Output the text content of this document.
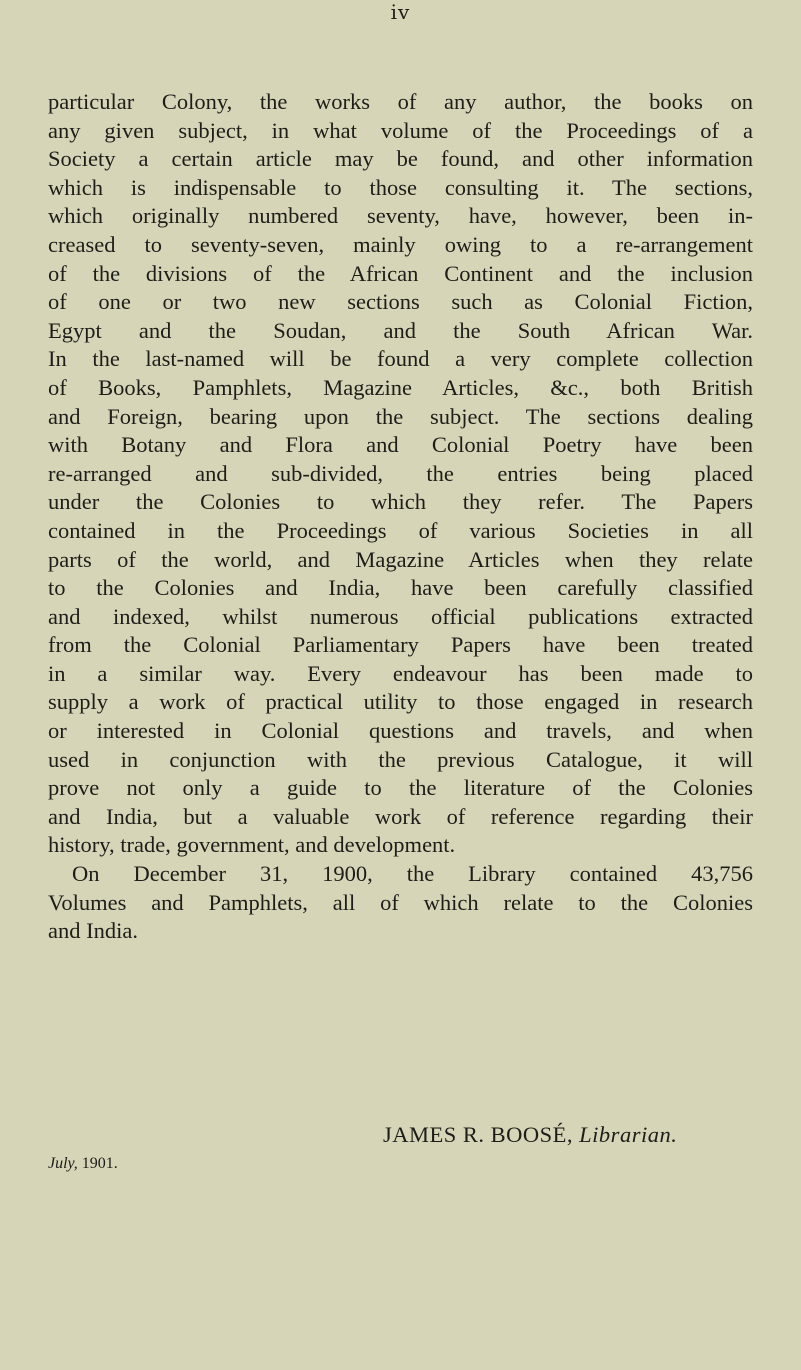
iv
particular Colony, the works of any author, the books on
any given subject, in what volume of the Proceedings of a
Society a certain article may be found, and other information
which is indispensable to those consulting it. The sections,
which originally numbered seventy, have, however, been in-
creased to seventy-seven, mainly owing to a re-arrangement
of the divisions of the African Continent and the inclusion
of one or two new sections such as Colonial Fiction,
Egypt and the Soudan, and the South African War.
In the last-named will be found a very complete collection
of Books, Pamphlets, Magazine Articles, &c., both British
and Foreign, bearing upon the subject. The sections dealing
with Botany and Flora and Colonial Poetry have been
re-arranged and sub-divided, the entries being placed
under the Colonies to which they refer. The Papers
contained in the Proceedings of various Societies in all
parts of the world, and Magazine Articles when they relate
to the Colonies and India, have been carefully classified
and indexed, whilst numerous official publications extracted
from the Colonial Parliamentary Papers have been treated
in a similar way. Every endeavour has been made to
supply a work of practical utility to those engaged in research
or interested in Colonial questions and travels, and when
used in conjunction with the previous Catalogue, it will
prove not only a guide to the literature of the Colonies
and India, but a valuable work of reference regarding their
history, trade, government, and development.
On December 31, 1900, the Library contained 43,756
Volumes and Pamphlets, all of which relate to the Colonies
and India.
JAMES R. BOOSÉ, Librarian.
July, 1901.
